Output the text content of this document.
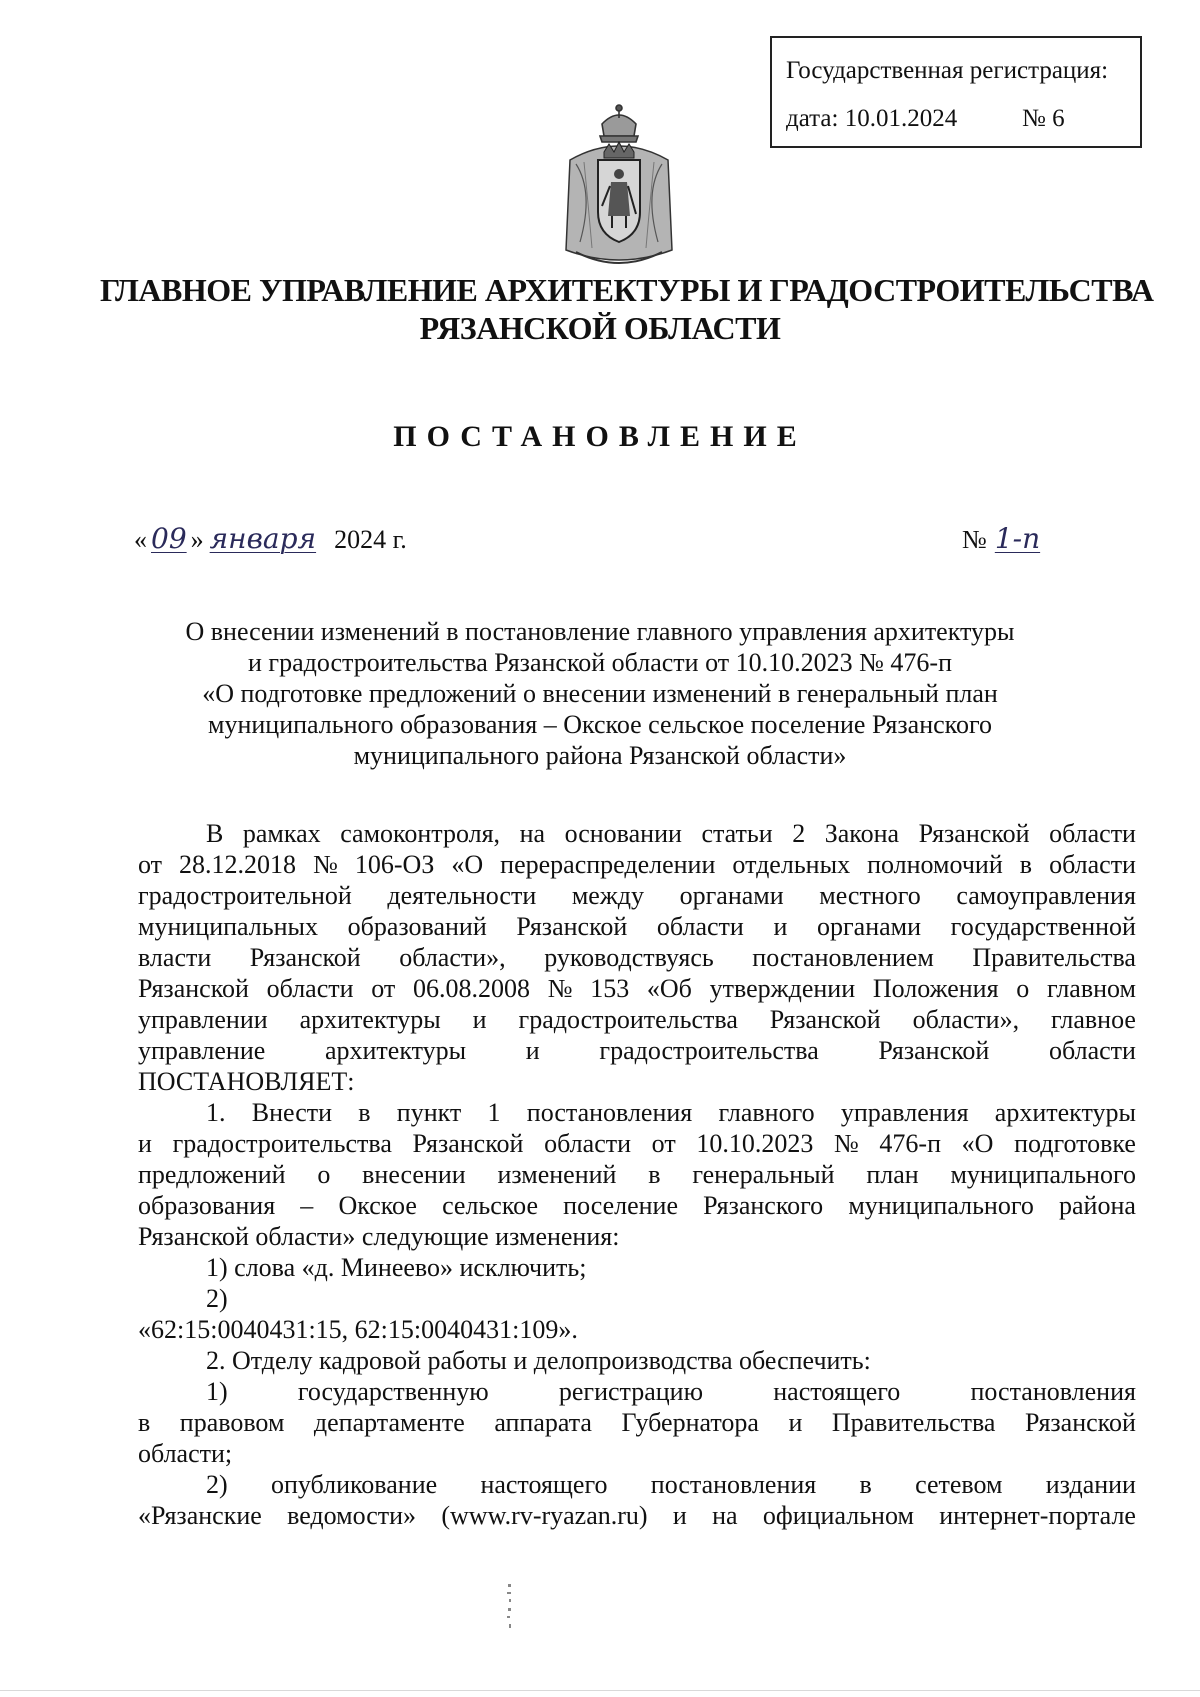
Государственная регистрация:
дата: 10.01.2024	№ 6
ГЛАВНОЕ УПРАВЛЕНИЕ АРХИТЕКТУРЫ И ГРАДОСТРОИТЕЛЬСТВА
РЯЗАНСКОЙ ОБЛАСТИ
ПОСТАНОВЛЕНИЕ
« 09 » января 2024 г.	№ 1-п
О внесении изменений в постановление главного управления архитектуры
и градостроительства Рязанской области от 10.10.2023 № 476-п
«О подготовке предложений о внесении изменений в генеральный план
муниципального образования – Окское сельское поселение Рязанского
муниципального района Рязанской области»
В рамках самоконтроля, на основании статьи 2 Закона Рязанской области
от 28.12.2018 № 106-ОЗ «О перераспределении отдельных полномочий в области
градостроительной деятельности между органами местного самоуправления
муниципальных образований Рязанской области и органами государственной
власти Рязанской области», руководствуясь постановлением Правительства
Рязанской области от 06.08.2008 № 153 «Об утверждении Положения о главном
управлении архитектуры и градостроительства Рязанской области», главное
управление архитектуры и градостроительства Рязанской области
ПОСТАНОВЛЯЕТ:
1. Внести в пункт 1 постановления главного управления архитектуры
и градостроительства Рязанской области от 10.10.2023 № 476-п «О подготовке
предложений о внесении изменений в генеральный план муниципального
образования – Окское сельское поселение Рязанского муниципального района
Рязанской области» следующие изменения:
1) слова «д. Минеево» исключить;
2)
«62:15:0040431:15, 62:15:0040431:109».
2. Отделу кадровой работы и делопроизводства обеспечить:
1)	государственную	регистрацию	настоящего	постановления
в правовом департаменте аппарата Губернатора и Правительства Рязанской
области;
2) опубликование настоящего постановления в сетевом издании
«Рязанские ведомости» (www.rv-ryazan.ru) и на официальном интернет-портале
